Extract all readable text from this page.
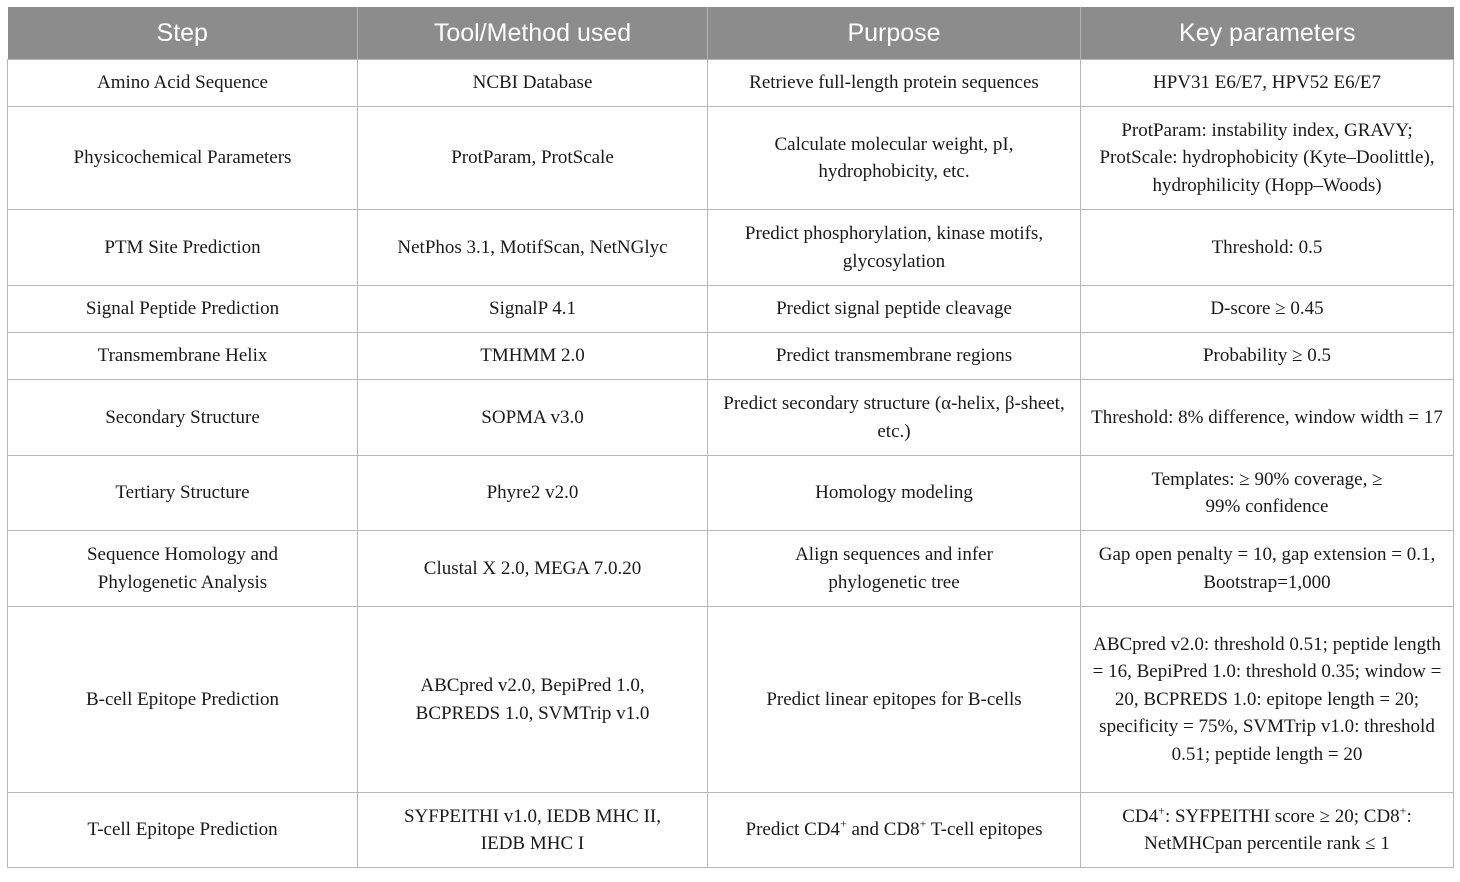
Step	Tool/Method used	Purpose	Key parameters
Amino Acid Sequence	NCBI Database	Retrieve full-length protein sequences	HPV31 E6/E7, HPV52 E6/E7
Physicochemical Parameters	ProtParam, ProtScale	Calculate molecular weight, pI, hydrophobicity, etc.	ProtParam: instability index, GRAVY; ProtScale: hydrophobicity (Kyte–Doolittle), hydrophilicity (Hopp–Woods)
PTM Site Prediction	NetPhos 3.1, MotifScan, NetNGlyc	Predict phosphorylation, kinase motifs, glycosylation	Threshold: 0.5
Signal Peptide Prediction	SignalP 4.1	Predict signal peptide cleavage	D-score ≥ 0.45
Transmembrane Helix	TMHMM 2.0	Predict transmembrane regions	Probability ≥ 0.5
Secondary Structure	SOPMA v3.0	Predict secondary structure (α-helix, β-sheet, etc.)	Threshold: 8% difference, window width = 17
Tertiary Structure	Phyre2 v2.0	Homology modeling	Templates: ≥ 90% coverage, ≥ 99% confidence
Sequence Homology and Phylogenetic Analysis	Clustal X 2.0, MEGA 7.0.20	Align sequences and infer phylogenetic tree	Gap open penalty = 10, gap extension = 0.1, Bootstrap=1,000
B-cell Epitope Prediction	ABCpred v2.0, BepiPred 1.0, BCPREDS 1.0, SVMTrip v1.0	Predict linear epitopes for B-cells	ABCpred v2.0: threshold 0.51; peptide length = 16, BepiPred 1.0: threshold 0.35; window = 20, BCPREDS 1.0: epitope length = 20; specificity = 75%, SVMTrip v1.0: threshold 0.51; peptide length = 20
T-cell Epitope Prediction	SYFPEITHI v1.0, IEDB MHC II, IEDB MHC I	Predict CD4+ and CD8+ T-cell epitopes	CD4+: SYFPEITHI score ≥ 20; CD8+: NetMHCpan percentile rank ≤ 1
